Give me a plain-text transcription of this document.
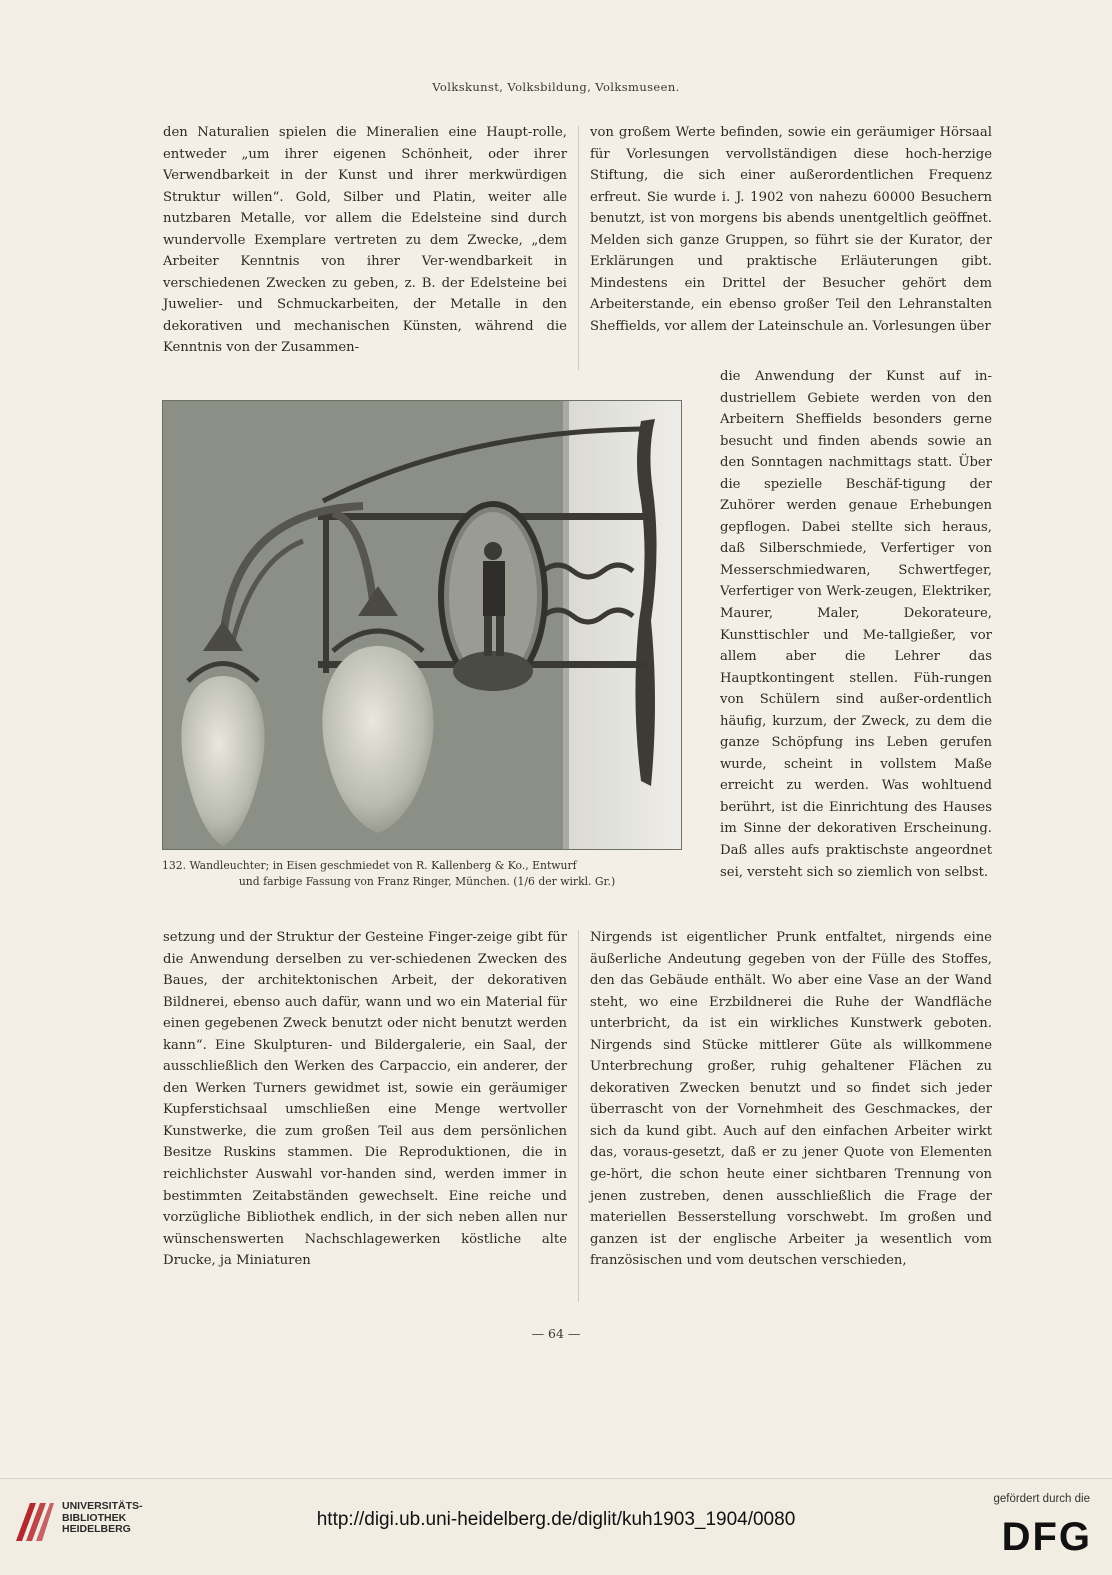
Volkskunst, Volksbildung, Volksmuseen.

den Naturalien spielen die Mineralien eine Haupt-rolle, entweder „um ihrer eigenen Schönheit, oder ihrer Verwendbarkeit in der Kunst und ihrer merkwürdigen Struktur willen“. Gold, Silber und Platin, weiter alle nutzbaren Metalle, vor allem die Edelsteine sind durch wundervolle Exemplare vertreten zu dem Zwecke, „dem Arbeiter Kenntnis von ihrer Ver-wendbarkeit in verschiedenen Zwecken zu geben, z. B. der Edelsteine bei Juwelier- und Schmuckarbeiten, der Metalle in den dekorativen und mechanischen Künsten, während die Kenntnis von der Zusammen-

von großem Werte befinden, sowie ein geräumiger Hörsaal für Vorlesungen vervollständigen diese hoch-herzige Stiftung, die sich einer außerordentlichen Frequenz erfreut. Sie wurde i. J. 1902 von nahezu 60000 Besuchern benutzt, ist von morgens bis abends unentgeltlich geöffnet. Melden sich ganze Gruppen, so führt sie der Kurator, der Erklärungen und praktische Erläuterungen gibt. Mindestens ein Drittel der Besucher gehört dem Arbeiterstande, ein ebenso großer Teil den Lehranstalten Sheffields, vor allem der Lateinschule an. Vorlesungen über

die Anwendung der Kunst auf in-dustriellem Gebiete werden von den Arbeitern Sheffields besonders gerne besucht und finden abends sowie an den Sonntagen nachmittags statt. Über die spezielle Beschäf-tigung der Zuhörer werden genaue Erhebungen gepflogen. Dabei stellte sich heraus, daß Silberschmiede, Verfertiger von Messerschmiedwaren, Schwertfeger, Verfertiger von Werk-zeugen, Elektriker, Maurer, Maler, Dekorateure, Kunsttischler und Me-tallgießer, vor allem aber die Lehrer das Hauptkontingent stellen. Füh-rungen von Schülern sind außer-ordentlich häufig, kurzum, der Zweck, zu dem die ganze Schöpfung ins Leben gerufen wurde, scheint in vollstem Maße erreicht zu werden. Was wohltuend berührt, ist die Einrichtung des Hauses im Sinne der dekorativen Erscheinung. Daß alles aufs praktischste angeordnet sei, versteht sich so ziemlich von selbst.

132. Wandleuchter; in Eisen geschmiedet von R. Kallenberg & Ko., Entwurf
und farbige Fassung von Franz Ringer, München. (1/6 der wirkl. Gr.)

setzung und der Struktur der Gesteine Finger-zeige gibt für die Anwendung derselben zu ver-schiedenen Zwecken des Baues, der architektonischen Arbeit, der dekorativen Bildnerei, ebenso auch dafür, wann und wo ein Material für einen gegebenen Zweck benutzt oder nicht benutzt werden kann“. Eine Skulpturen- und Bildergalerie, ein Saal, der ausschließlich den Werken des Carpaccio, ein anderer, der den Werken Turners gewidmet ist, sowie ein geräumiger Kupferstichsaal umschließen eine Menge wertvoller Kunstwerke, die zum großen Teil aus dem persönlichen Besitze Ruskins stammen. Die Reproduktionen, die in reichlichster Auswahl vor-handen sind, werden immer in bestimmten Zeitabständen gewechselt. Eine reiche und vorzügliche Bibliothek endlich, in der sich neben allen nur wünschenswerten Nachschlagewerken köstliche alte Drucke, ja Miniaturen

Nirgends ist eigentlicher Prunk entfaltet, nirgends eine äußerliche Andeutung gegeben von der Fülle des Stoffes, den das Gebäude enthält. Wo aber eine Vase an der Wand steht, wo eine Erzbildnerei die Ruhe der Wandfläche unterbricht, da ist ein wirkliches Kunstwerk geboten. Nirgends sind Stücke mittlerer Güte als willkommene Unterbrechung großer, ruhig gehaltener Flächen zu dekorativen Zwecken benutzt und so findet sich jeder überrascht von der Vornehmheit des Geschmackes, der sich da kund gibt. Auch auf den einfachen Arbeiter wirkt das, voraus-gesetzt, daß er zu jener Quote von Elementen ge-hört, die schon heute einer sichtbaren Trennung von jenen zustreben, denen ausschließlich die Frage der materiellen Besserstellung vorschwebt. Im großen und ganzen ist der englische Arbeiter ja wesentlich vom französischen und vom deutschen verschieden,

— 64 —
UNIVERSITÄTS-
BIBLIOTHEK
HEIDELBERG	http://digi.ub.uni-heidelberg.de/diglit/kuh1903_1904/0080
gefördert durch die
DFG
